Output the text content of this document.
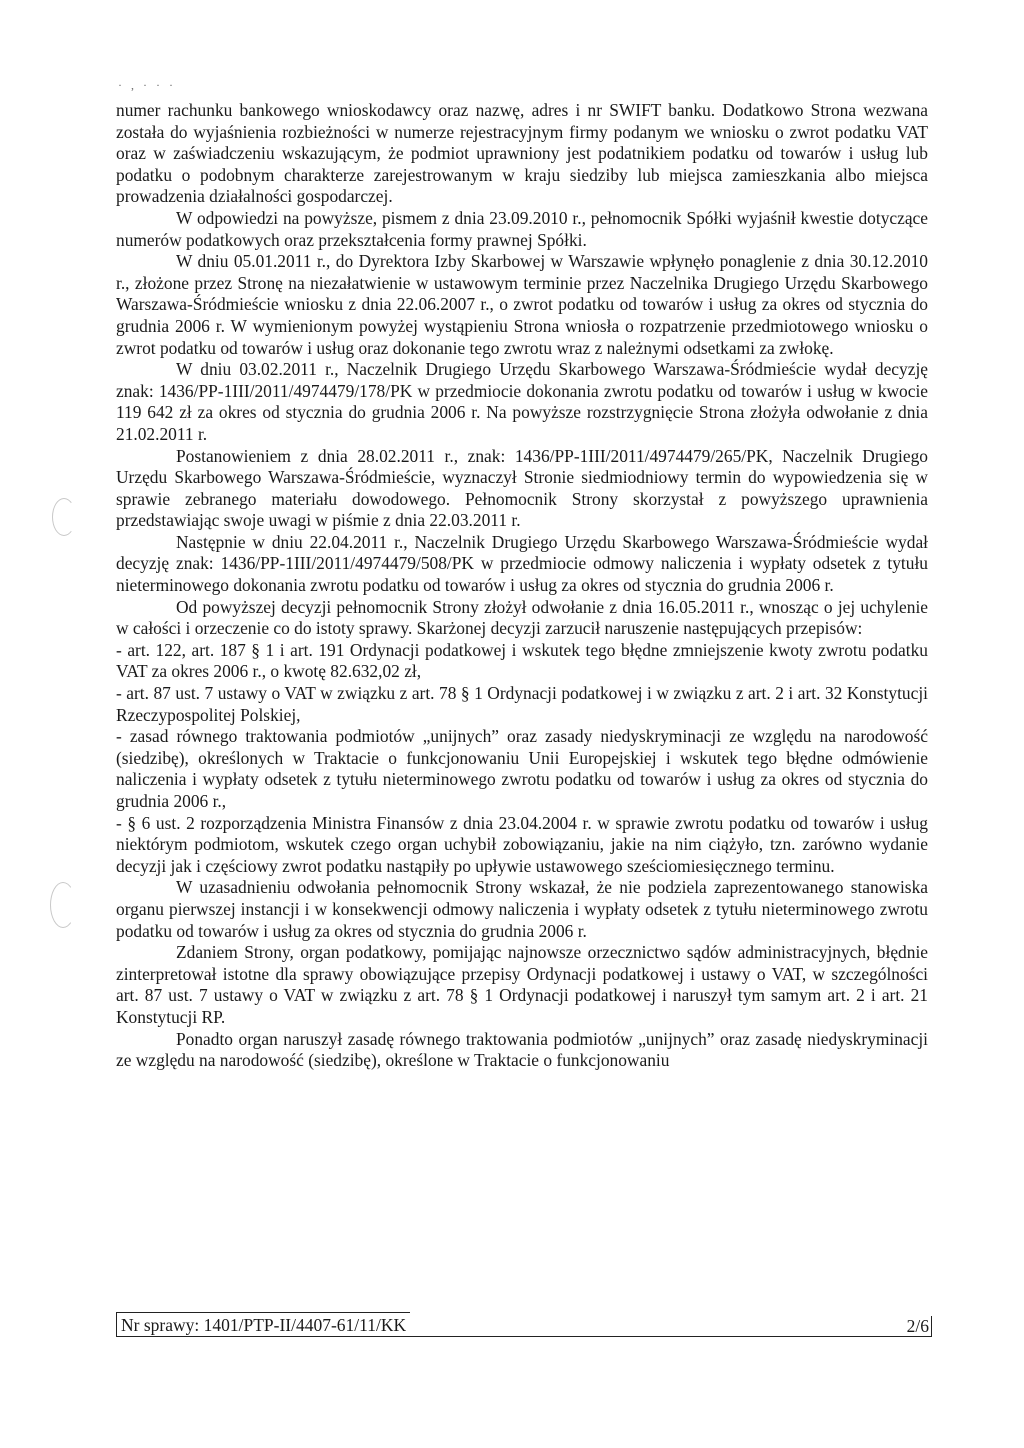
· , · · ·

numer rachunku bankowego wnioskodawcy oraz nazwę, adres i nr SWIFT banku. Dodatkowo Strona wezwana została do wyjaśnienia rozbieżności w numerze rejestracyjnym firmy podanym we wniosku o zwrot podatku VAT oraz w zaświadczeniu wskazującym, że podmiot uprawniony jest podatnikiem podatku od towarów i usług lub podatku o podobnym charakterze zarejestrowanym w kraju siedziby lub miejsca zamieszkania albo miejsca prowadzenia działalności gospodarczej.

W odpowiedzi na powyższe, pismem z dnia 23.09.2010 r., pełnomocnik Spółki wyjaśnił kwestie dotyczące numerów podatkowych oraz przekształcenia formy prawnej Spółki.

W dniu 05.01.2011 r., do Dyrektora Izby Skarbowej w Warszawie wpłynęło ponaglenie z dnia 30.12.2010 r., złożone przez Stronę na niezałatwienie w ustawowym terminie przez Naczelnika Drugiego Urzędu Skarbowego Warszawa-Śródmieście wniosku z dnia 22.06.2007 r., o zwrot podatku od towarów i usług za okres od stycznia do grudnia 2006 r. W wymienionym powyżej wystąpieniu Strona wniosła o rozpatrzenie przedmiotowego wniosku o zwrot podatku od towarów i usług oraz dokonanie tego zwrotu wraz z należnymi odsetkami za zwłokę.

W dniu 03.02.2011 r., Naczelnik Drugiego Urzędu Skarbowego Warszawa-Śródmieście wydał decyzję znak: 1436/PP-1III/2011/4974479/178/PK w przedmiocie dokonania zwrotu podatku od towarów i usług w kwocie 119 642 zł za okres od stycznia do grudnia 2006 r. Na powyższe rozstrzygnięcie Strona złożyła odwołanie z dnia 21.02.2011 r.

Postanowieniem z dnia 28.02.2011 r., znak: 1436/PP-1III/2011/4974479/265/PK, Naczelnik Drugiego Urzędu Skarbowego Warszawa-Śródmieście, wyznaczył Stronie siedmiodniowy termin do wypowiedzenia się w sprawie zebranego materiału dowodowego. Pełnomocnik Strony skorzystał z powyższego uprawnienia przedstawiając swoje uwagi w piśmie z dnia 22.03.2011 r.

Następnie w dniu 22.04.2011 r., Naczelnik Drugiego Urzędu Skarbowego Warszawa-Śródmieście wydał decyzję znak: 1436/PP-1III/2011/4974479/508/PK w przedmiocie odmowy naliczenia i wypłaty odsetek z tytułu nieterminowego dokonania zwrotu podatku od towarów i usług za okres od stycznia do grudnia 2006 r.

Od powyższej decyzji pełnomocnik Strony złożył odwołanie z dnia 16.05.2011 r., wnosząc o jej uchylenie w całości i orzeczenie co do istoty sprawy. Skarżonej decyzji zarzucił naruszenie następujących przepisów:

- art. 122, art. 187 § 1 i art. 191 Ordynacji podatkowej i wskutek tego błędne zmniejszenie kwoty zwrotu podatku VAT za okres 2006 r., o kwotę 82.632,02 zł,

- art. 87 ust. 7 ustawy o VAT w związku z art. 78 § 1 Ordynacji podatkowej i w związku z art. 2 i art. 32 Konstytucji Rzeczypospolitej Polskiej,

- zasad równego traktowania podmiotów „unijnych” oraz zasady niedyskryminacji ze względu na narodowość (siedzibę), określonych w Traktacie o funkcjonowaniu Unii Europejskiej i wskutek tego błędne odmówienie naliczenia i wypłaty odsetek z tytułu nieterminowego zwrotu podatku od towarów i usług za okres od stycznia do grudnia 2006 r.,

- § 6 ust. 2 rozporządzenia Ministra Finansów z dnia 23.04.2004 r. w sprawie zwrotu podatku od towarów i usług niektórym podmiotom, wskutek czego organ uchybił zobowiązaniu, jakie na nim ciążyło, tzn. zarówno wydanie decyzji jak i częściowy zwrot podatku nastąpiły po upływie ustawowego sześciomiesięcznego terminu.

W uzasadnieniu odwołania pełnomocnik Strony wskazał, że nie podziela zaprezentowanego stanowiska organu pierwszej instancji i w konsekwencji odmowy naliczenia i wypłaty odsetek z tytułu nieterminowego zwrotu podatku od towarów i usług za okres od stycznia do grudnia 2006 r.

Zdaniem Strony, organ podatkowy, pomijając najnowsze orzecznictwo sądów administracyjnych, błędnie zinterpretował istotne dla sprawy obowiązujące przepisy Ordynacji podatkowej i ustawy o VAT, w szczególności art. 87 ust. 7 ustawy o VAT w związku z art. 78 § 1 Ordynacji podatkowej i naruszył tym samym art. 2 i art. 21 Konstytucji RP.

Ponadto organ naruszył zasadę równego traktowania podmiotów „unijnych” oraz zasadę niedyskryminacji ze względu na narodowość (siedzibę), określone w Traktacie o funkcjonowaniu

Nr sprawy: 1401/PTP-II/4407-61/11/KK	2/6
